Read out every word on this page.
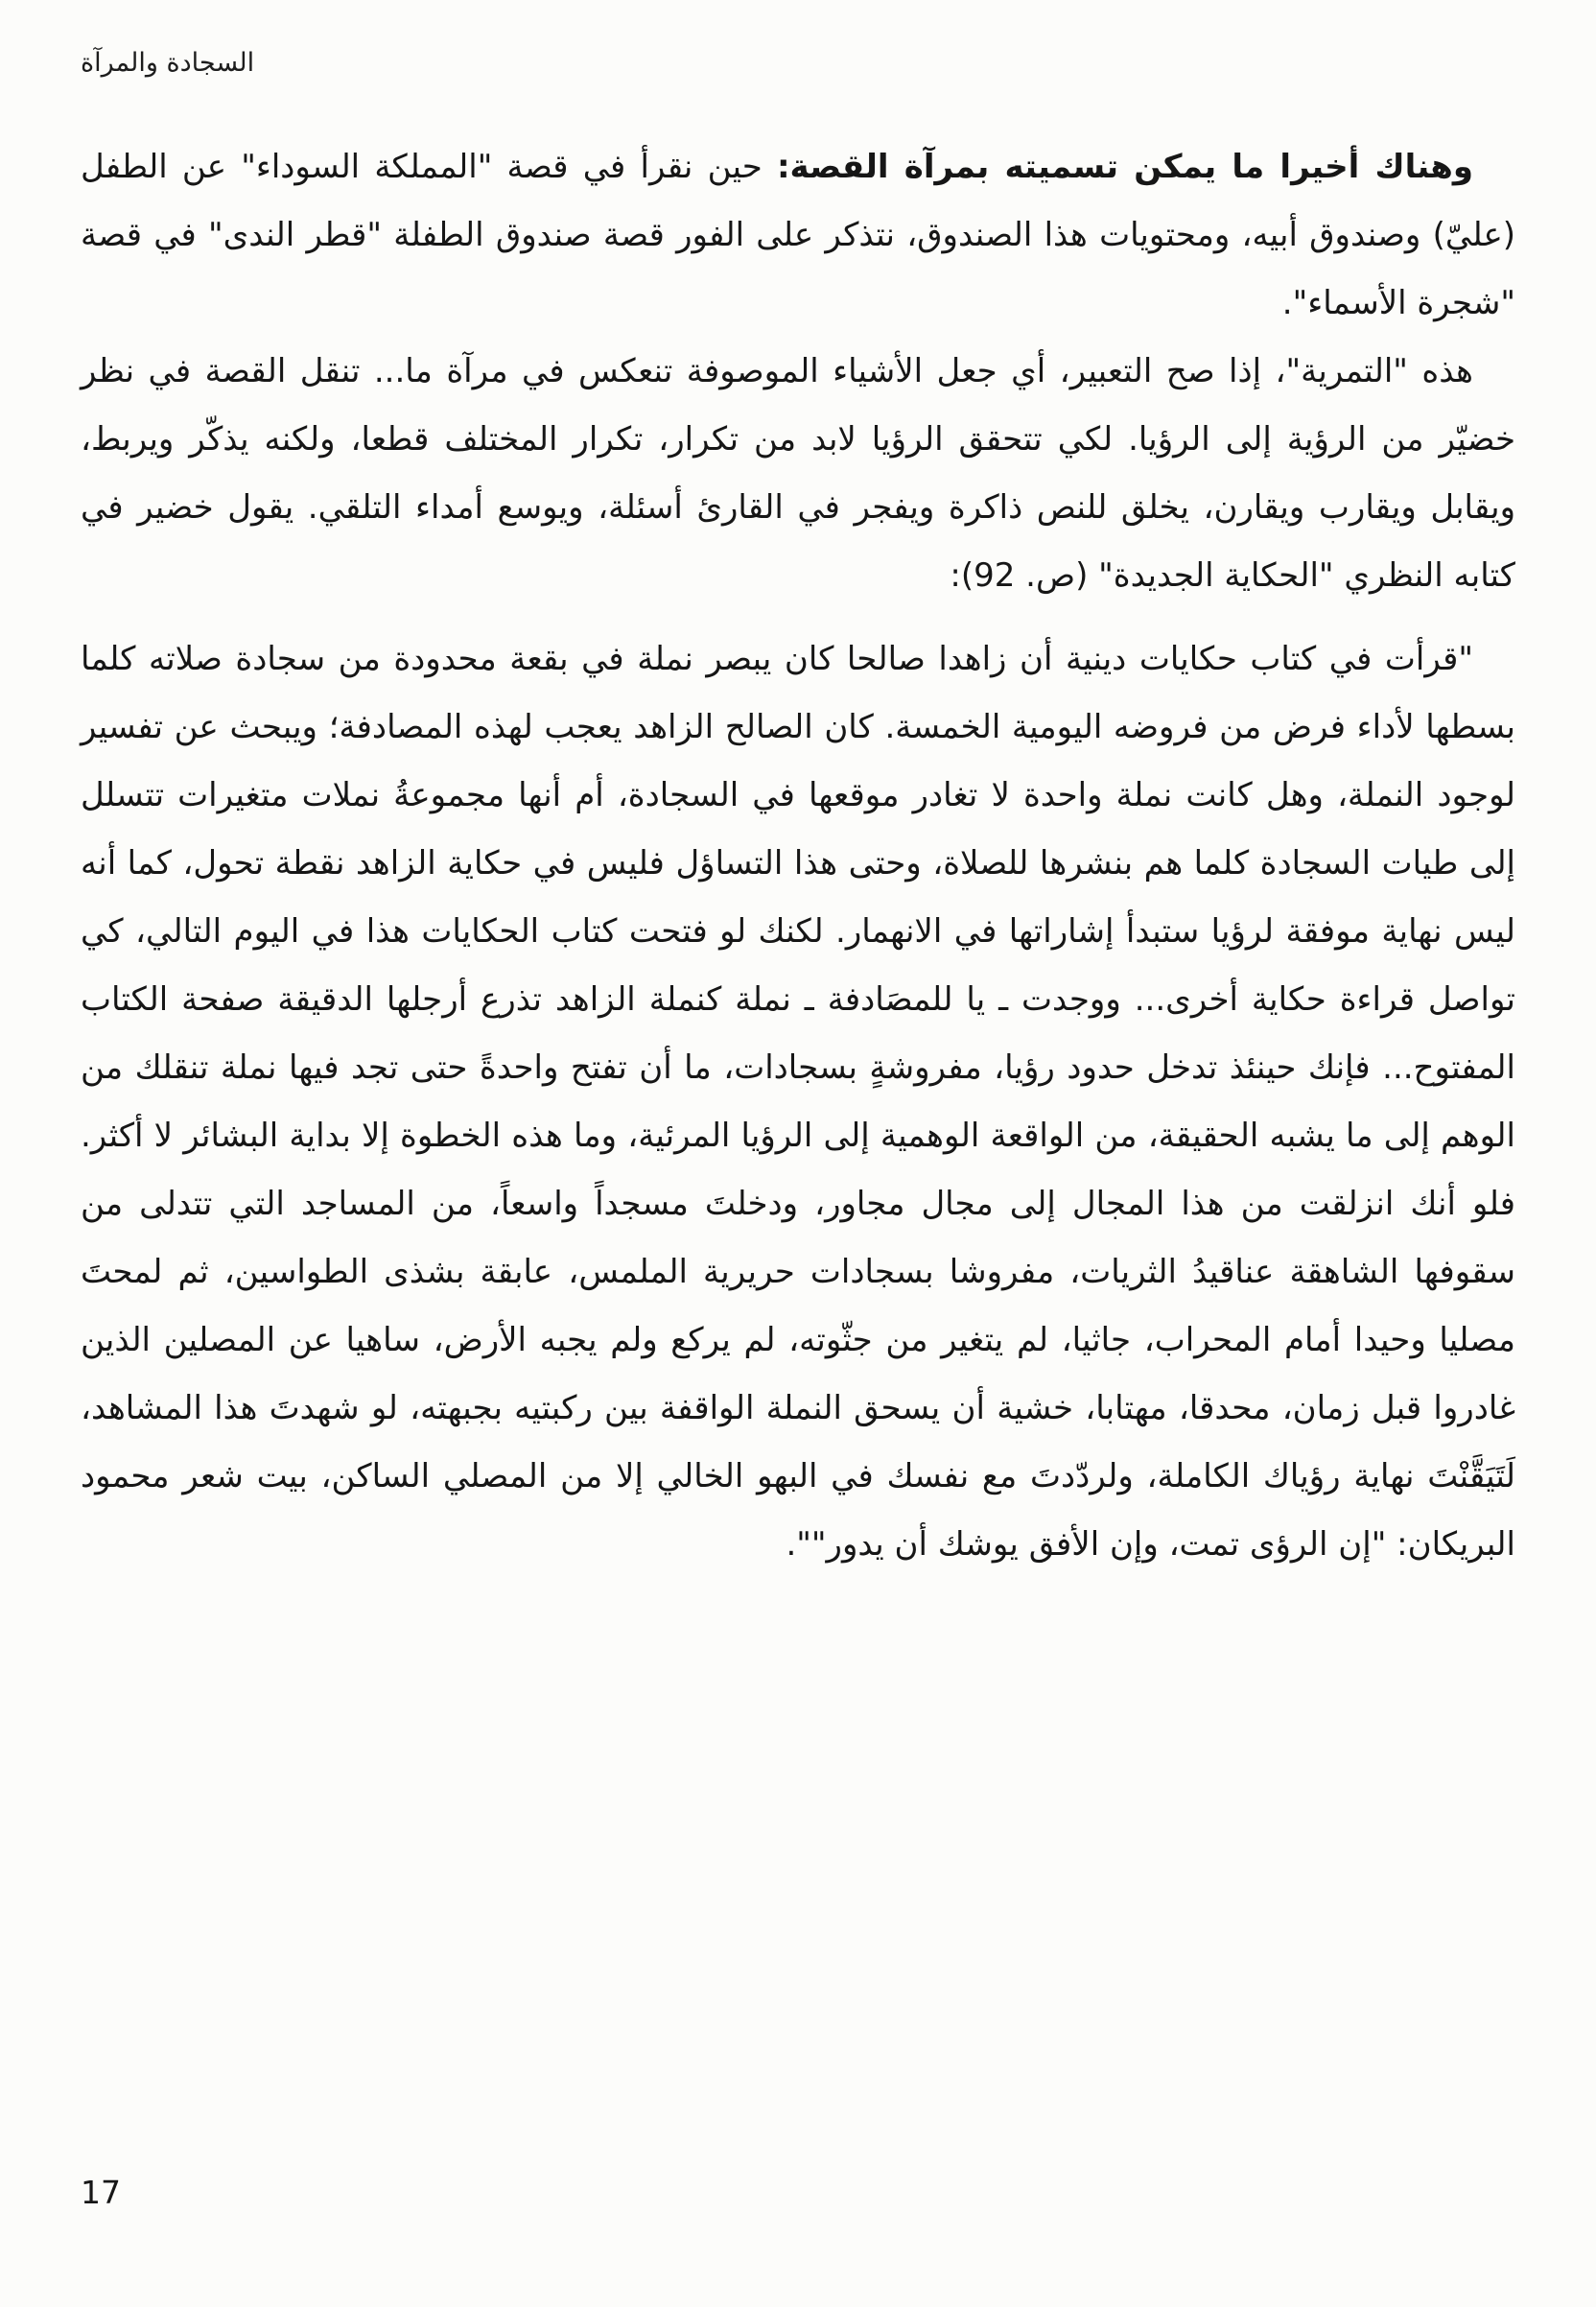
السجادة والمرآة

وهناك أخيرا ما يمكن تسميته بمرآة القصة: حين نقرأ في قصة "المملكة السوداء" عن الطفل (عليّ) وصندوق أبيه، ومحتويات هذا الصندوق، نتذكر على الفور قصة صندوق الطفلة "قطر الندى" في قصة "شجرة الأسماء".

هذه "التمرية"، إذا صح التعبير، أي جعل الأشياء الموصوفة تنعكس في مرآة ما... تنقل القصة في نظر خضيّر من الرؤية إلى الرؤيا. لكي تتحقق الرؤيا لابد من تكرار، تكرار المختلف قطعا، ولكنه يذكّر ويربط، ويقابل ويقارب ويقارن، يخلق للنص ذاكرة ويفجر في القارئ أسئلة، ويوسع أمداء التلقي. يقول خضير في كتابه النظري "الحكاية الجديدة" (ص. 92):

"قرأت في كتاب حكايات دينية أن زاهدا صالحا كان يبصر نملة في بقعة محدودة من سجادة صلاته كلما بسطها لأداء فرض من فروضه اليومية الخمسة. كان الصالح الزاهد يعجب لهذه المصادفة؛ ويبحث عن تفسير لوجود النملة، وهل كانت نملة واحدة لا تغادر موقعها في السجادة، أم أنها مجموعةُ نملات متغيرات تتسلل إلى طيات السجادة كلما هم بنشرها للصلاة، وحتى هذا التساؤل فليس في حكاية الزاهد نقطة تحول، كما أنه ليس نهاية موفقة لرؤيا ستبدأ إشاراتها في الانهمار. لكنك لو فتحت كتاب الحكايات هذا في اليوم التالي، كي تواصل قراءة حكاية أخرى... ووجدت ـ يا للمصَادفة ـ نملة كنملة الزاهد تذرع أرجلها الدقيقة صفحة الكتاب المفتوح... فإنك حينئذ تدخل حدود رؤيا، مفروشةٍ بسجادات، ما أن تفتح واحدةً حتى تجد فيها نملة تنقلك من الوهم إلى ما يشبه الحقيقة، من الواقعة الوهمية إلى الرؤيا المرئية، وما هذه الخطوة إلا بداية البشائر لا أكثر. فلو أنك انزلقت من هذا المجال إلى مجال مجاور، ودخلتَ مسجداً واسعاً، من المساجد التي تتدلى من سقوفها الشاهقة عناقيدُ الثريات، مفروشا بسجادات حريرية الملمس، عابقة بشذى الطواسين، ثم لمحتَ مصليا وحيدا أمام المحراب، جاثيا، لم يتغير من جثّوته، لم يركع ولم يجبه الأرض، ساهيا عن المصلين الذين غادروا قبل زمان، محدقا، مهتابا، خشية أن يسحق النملة الواقفة بين ركبتيه بجبهته، لو شهدتَ هذا المشاهد، لَتَيَقَّنْتَ نهاية رؤياك الكاملة، ولردّدتَ مع نفسك في البهو الخالي إلا من المصلي الساكن، بيت شعر محمود البريكان: "إن الرؤى تمت، وإن الأفق يوشك أن يدور"".

17
